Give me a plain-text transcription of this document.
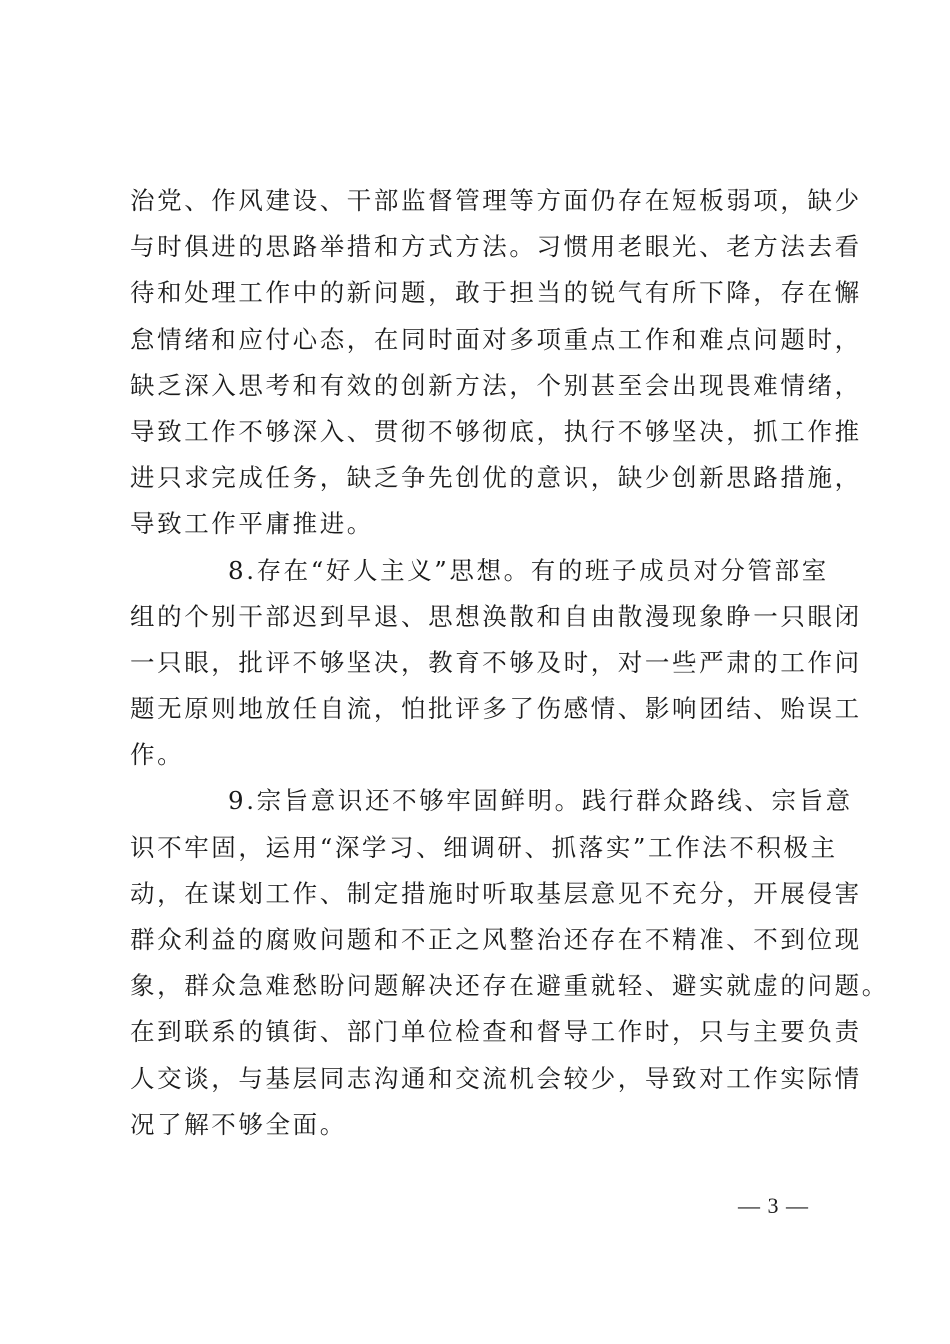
治党、作风建设、干部监督管理等方面仍存在短板弱项，缺少
与时俱进的思路举措和方式方法。习惯用老眼光、老方法去看
待和处理工作中的新问题，敢于担当的锐气有所下降，存在懈
怠情绪和应付心态，在同时面对多项重点工作和难点问题时，
缺乏深入思考和有效的创新方法，个别甚至会出现畏难情绪，
导致工作不够深入、贯彻不够彻底，执行不够坚决，抓工作推
进只求完成任务，缺乏争先创优的意识，缺少创新思路措施，
导致工作平庸推进。
8.存在“好人主义”思想。有的班子成员对分管部室
组的个别干部迟到早退、思想涣散和自由散漫现象睁一只眼闭
一只眼，批评不够坚决，教育不够及时，对一些严肃的工作问
题无原则地放任自流，怕批评多了伤感情、影响团结、贻误工
作。
9.宗旨意识还不够牢固鲜明。践行群众路线、宗旨意
识不牢固，运用“深学习、细调研、抓落实”工作法不积极主
动，在谋划工作、制定措施时听取基层意见不充分，开展侵害
群众利益的腐败问题和不正之风整治还存在不精准、不到位现
象，群众急难愁盼问题解决还存在避重就轻、避实就虚的问题。
在到联系的镇街、部门单位检查和督导工作时，只与主要负责
人交谈，与基层同志沟通和交流机会较少，导致对工作实际情
况了解不够全面。
— 3 —
